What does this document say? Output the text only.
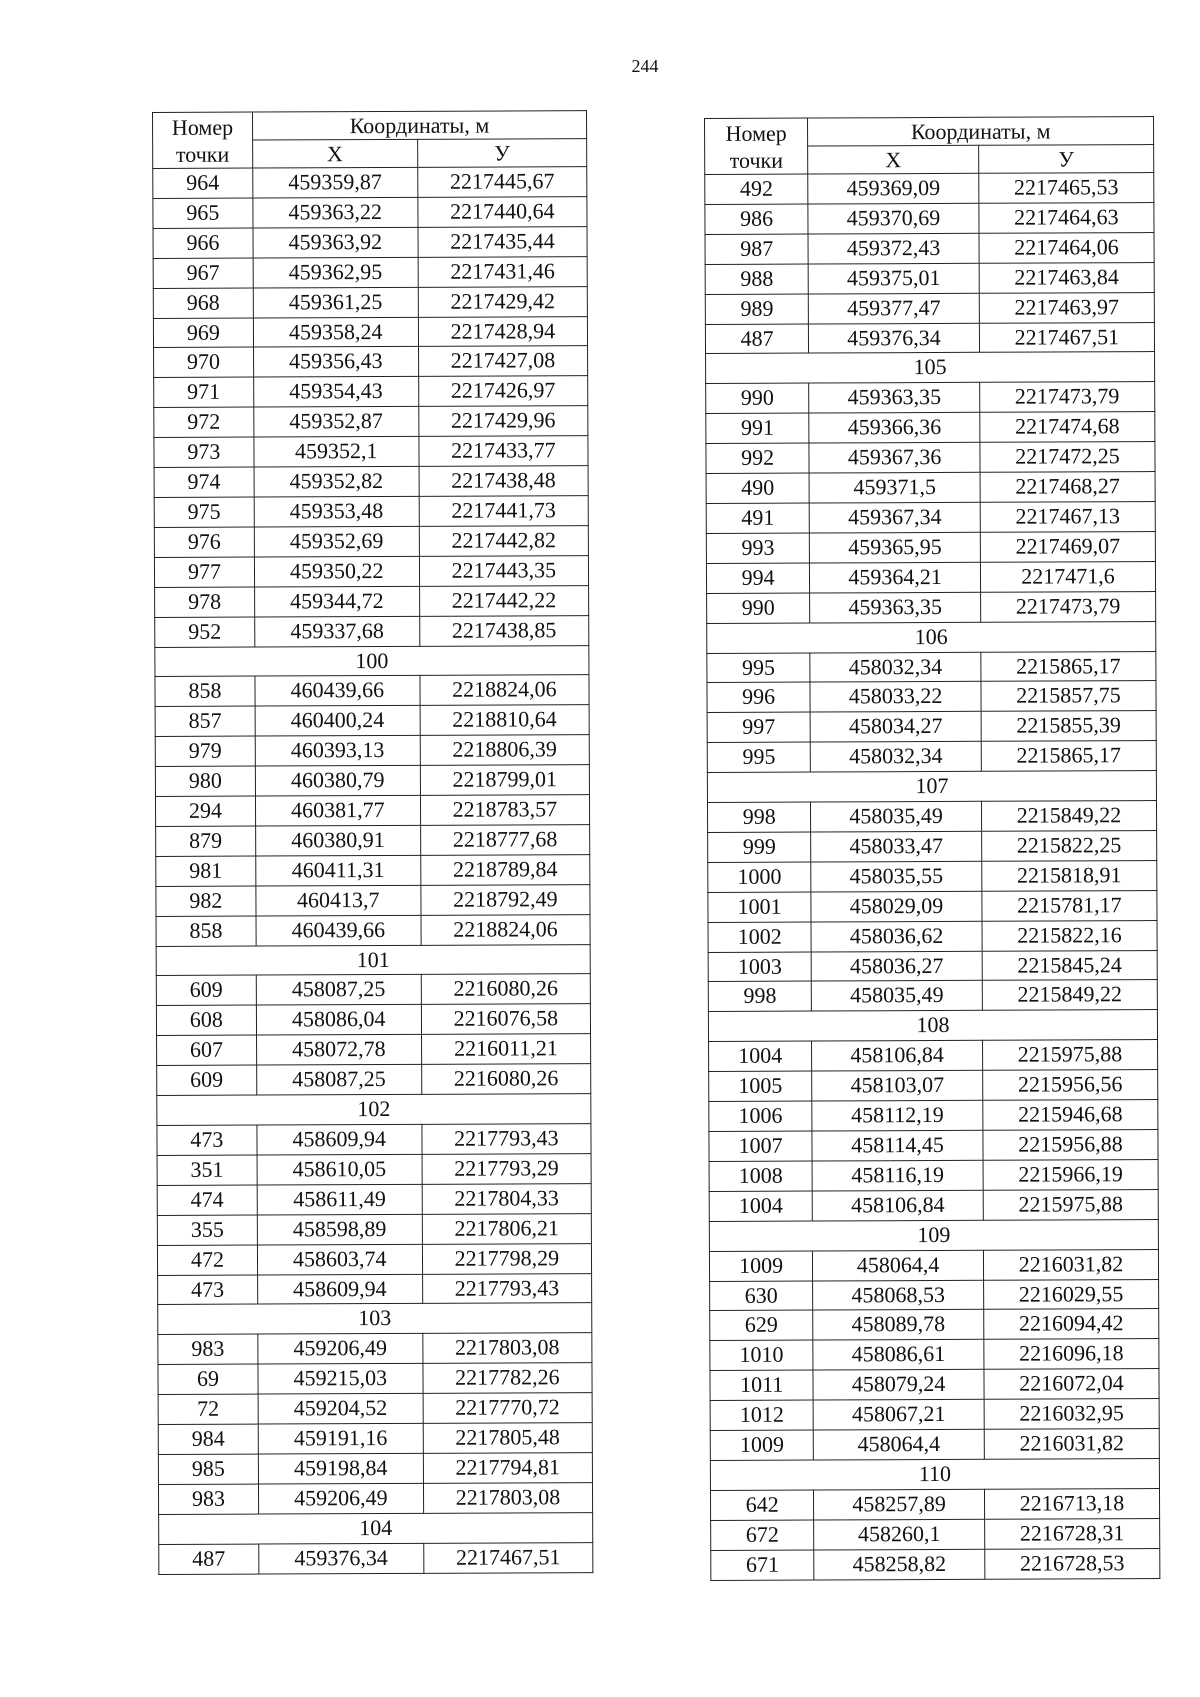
244
Номер
точки	Координаты, м	
	X	У
964	459359,87	2217445,67
965	459363,22	2217440,64
966	459363,92	2217435,44
967	459362,95	2217431,46
968	459361,25	2217429,42
969	459358,24	2217428,94
970	459356,43	2217427,08
971	459354,43	2217426,97
972	459352,87	2217429,96
973	459352,1	2217433,77
974	459352,82	2217438,48
975	459353,48	2217441,73
976	459352,69	2217442,82
977	459350,22	2217443,35
978	459344,72	2217442,22
952	459337,68	2217438,85
100		
858	460439,66	2218824,06
857	460400,24	2218810,64
979	460393,13	2218806,39
980	460380,79	2218799,01
294	460381,77	2218783,57
879	460380,91	2218777,68
981	460411,31	2218789,84
982	460413,7	2218792,49
858	460439,66	2218824,06
101		
609	458087,25	2216080,26
608	458086,04	2216076,58
607	458072,78	2216011,21
609	458087,25	2216080,26
102		
473	458609,94	2217793,43
351	458610,05	2217793,29
474	458611,49	2217804,33
355	458598,89	2217806,21
472	458603,74	2217798,29
473	458609,94	2217793,43
103		
983	459206,49	2217803,08
69	459215,03	2217782,26
72	459204,52	2217770,72
984	459191,16	2217805,48
985	459198,84	2217794,81
983	459206,49	2217803,08
104		
487	459376,34	2217467,51
Номер
точки	Координаты, м	
	X	У
492	459369,09	2217465,53
986	459370,69	2217464,63
987	459372,43	2217464,06
988	459375,01	2217463,84
989	459377,47	2217463,97
487	459376,34	2217467,51
105		
990	459363,35	2217473,79
991	459366,36	2217474,68
992	459367,36	2217472,25
490	459371,5	2217468,27
491	459367,34	2217467,13
993	459365,95	2217469,07
994	459364,21	2217471,6
990	459363,35	2217473,79
106		
995	458032,34	2215865,17
996	458033,22	2215857,75
997	458034,27	2215855,39
995	458032,34	2215865,17
107		
998	458035,49	2215849,22
999	458033,47	2215822,25
1000	458035,55	2215818,91
1001	458029,09	2215781,17
1002	458036,62	2215822,16
1003	458036,27	2215845,24
998	458035,49	2215849,22
108		
1004	458106,84	2215975,88
1005	458103,07	2215956,56
1006	458112,19	2215946,68
1007	458114,45	2215956,88
1008	458116,19	2215966,19
1004	458106,84	2215975,88
109		
1009	458064,4	2216031,82
630	458068,53	2216029,55
629	458089,78	2216094,42
1010	458086,61	2216096,18
1011	458079,24	2216072,04
1012	458067,21	2216032,95
1009	458064,4	2216031,82
110		
642	458257,89	2216713,18
672	458260,1	2216728,31
671	458258,82	2216728,53
